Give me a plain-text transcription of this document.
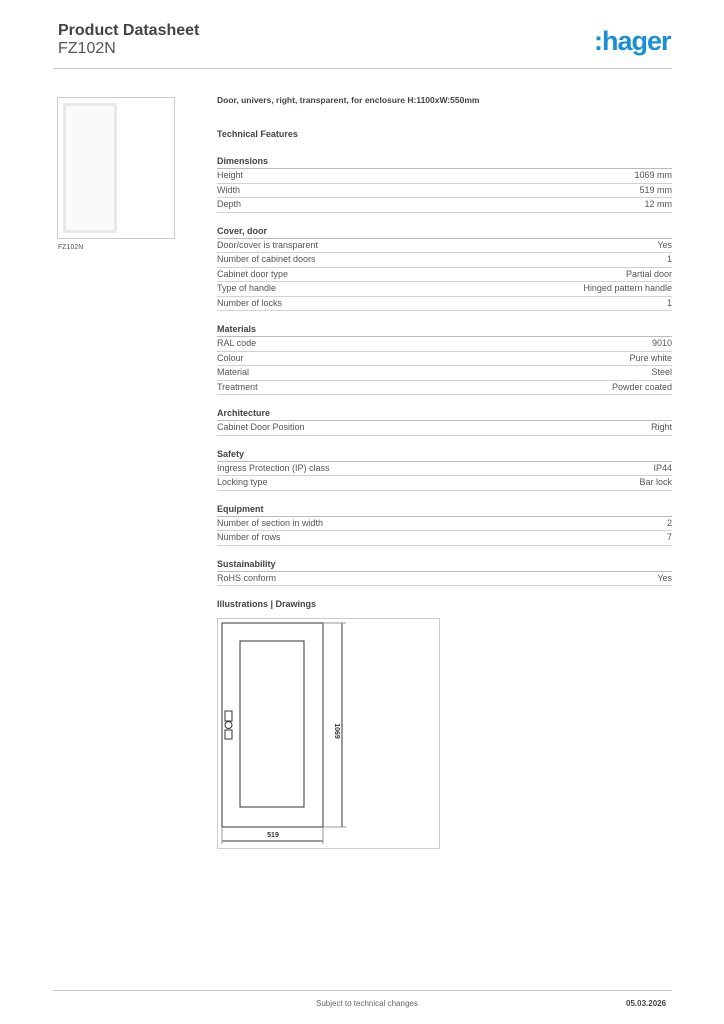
Product Datasheet
FZ102N	:hager
FZ102N
Door, univers, right, transparent, for enclosure H:1100xW:550mm
Technical Features
Dimensions
Height	1069 mm
Width	519 mm
Depth	12 mm
Cover, door
Door/cover is transparent	Yes
Number of cabinet doors	1
Cabinet door type	Partial door
Type of handle	Hinged pattern handle
Number of locks	1
Materials
RAL code	9010
Colour	Pure white
Material	Steel
Treatment	Powder coated
Architecture
Cabinet Door Position	Right
Safety
Ingress Protection (IP) class	IP44
Locking type	Bar lock
Equipment
Number of section in width	2
Number of rows	7
Sustainability
RoHS conform	Yes
Illustrations | Drawings
1069
519
Subject to technical changes	05.03.2026
